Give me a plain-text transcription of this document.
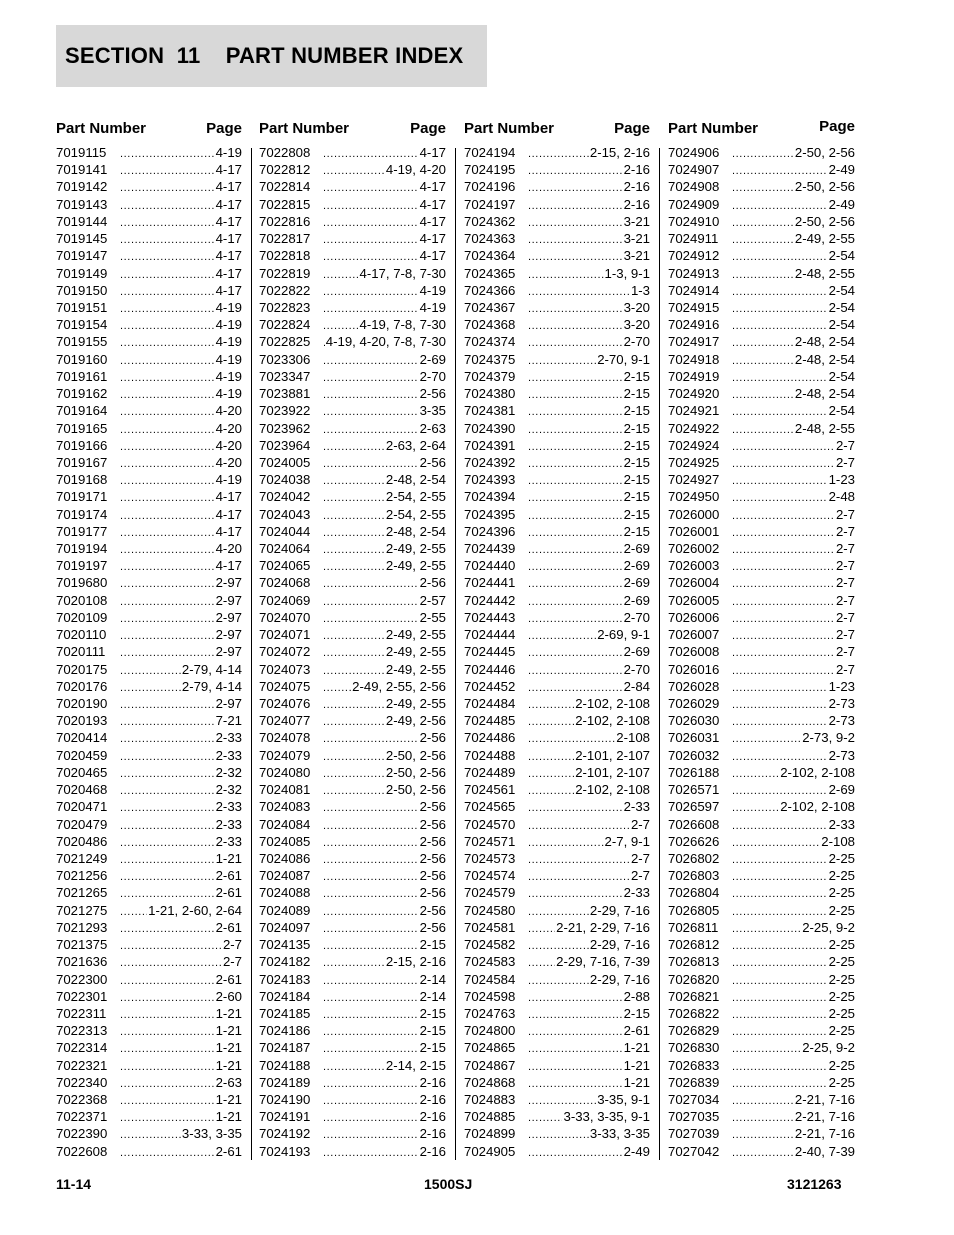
SECTION  11    PART NUMBER INDEX
Part Number	Page
7019115 .....	4-19
7019141 .....	4-17
7019142 .....	4-17
7019143 .....	4-17
7019144 .....	4-17
7019145 .....	4-17
7019147 .....	4-17
7019149 .....	4-17
7019150 .....	4-17
7019151 .....	4-19
7019154 .....	4-19
7019155 .....	4-19
7019160 .....	4-19
7019161 .....	4-19
7019162 .....	4-19
7019164 .....	4-20
7019165 .....	4-20
7019166 .....	4-20
7019167 .....	4-20
7019168 .....	4-19
7019171 .....	4-17
7019174 .....	4-17
7019177 .....	4-17
7019194 .....	4-20
7019197 .....	4-17
7019680 .....	2-97
7020108 .....	2-97
7020109 .....	2-97
7020110 .....	2-97
7020111 .....	2-97
7020175 .....	2-79, 4-14
7020176 .....	2-79, 4-14
7020190 .....	2-97
7020193 .....	7-21
7020414 .....	2-33
7020459 .....	2-33
7020465 .....	2-32
7020468 .....	2-32
7020471 .....	2-33
7020479 .....	2-33
7020486 .....	2-33
7021249 .....	1-21
7021256 .....	2-61
7021265 .....	2-61
7021275 .....	1-21, 2-60, 2-64
7021293 .....	2-61
7021375 .....	2-7
7021636 .....	2-7
7022300 .....	2-61
7022301 .....	2-60
7022311 .....	1-21
7022313 .....	1-21
7022314 .....	1-21
7022321 .....	1-21
7022340 .....	2-63
7022368 .....	1-21
7022371 .....	1-21
7022390 .....	3-33, 3-35
7022608 .....	2-61
Part Number	Page
7022808 .....	4-17
7022812 .....	4-19, 4-20
7022814 .....	4-17
7022815 .....	4-17
7022816 .....	4-17
7022817 .....	4-17
7022818 .....	4-17
7022819 .....	4-17, 7-8, 7-30
7022822 .....	4-19
7022823 .....	4-19
7022824 .....	4-19, 7-8, 7-30
7022825 .....	4-19, 4-20, 7-8, 7-30
7023306 .....	2-69
7023347 .....	2-70
7023881 .....	2-56
7023922 .....	3-35
7023962 .....	2-63
7023964 .....	2-63, 2-64
7024005 .....	2-56
7024038 .....	2-48, 2-54
7024042 .....	2-54, 2-55
7024043 .....	2-54, 2-55
7024044 .....	2-48, 2-54
7024064 .....	2-49, 2-55
7024065 .....	2-49, 2-55
7024068 .....	2-56
7024069 .....	2-57
7024070 .....	2-55
7024071 .....	2-49, 2-55
7024072 .....	2-49, 2-55
7024073 .....	2-49, 2-55
7024075 .....	2-49, 2-55, 2-56
7024076 .....	2-49, 2-55
7024077 .....	2-49, 2-56
7024078 .....	2-56
7024079 .....	2-50, 2-56
7024080 .....	2-50, 2-56
7024081 .....	2-50, 2-56
7024083 .....	2-56
7024084 .....	2-56
7024085 .....	2-56
7024086 .....	2-56
7024087 .....	2-56
7024088 .....	2-56
7024089 .....	2-56
7024097 .....	2-56
7024135 .....	2-15
7024182 .....	2-15, 2-16
7024183 .....	2-14
7024184 .....	2-14
7024185 .....	2-15
7024186 .....	2-15
7024187 .....	2-15
7024188 .....	2-14, 2-15
7024189 .....	2-16
7024190 .....	2-16
7024191 .....	2-16
7024192 .....	2-16
7024193 .....	2-16
Part Number	Page
7024194 .....	2-15, 2-16
7024195 .....	2-16
7024196 .....	2-16
7024197 .....	2-16
7024362 .....	3-21
7024363 .....	3-21
7024364 .....	3-21
7024365 .....	1-3, 9-1
7024366 .....	1-3
7024367 .....	3-20
7024368 .....	3-20
7024374 .....	2-70
7024375 .....	2-70, 9-1
7024379 .....	2-15
7024380 .....	2-15
7024381 .....	2-15
7024390 .....	2-15
7024391 .....	2-15
7024392 .....	2-15
7024393 .....	2-15
7024394 .....	2-15
7024395 .....	2-15
7024396 .....	2-15
7024439 .....	2-69
7024440 .....	2-69
7024441 .....	2-69
7024442 .....	2-69
7024443 .....	2-70
7024444 .....	2-69, 9-1
7024445 .....	2-69
7024446 .....	2-70
7024452 .....	2-84
7024484 .....	2-102, 2-108
7024485 .....	2-102, 2-108
7024486 .....	2-108
7024488 .....	2-101, 2-107
7024489 .....	2-101, 2-107
7024561 .....	2-102, 2-108
7024565 .....	2-33
7024570 .....	2-7
7024571 .....	2-7, 9-1
7024573 .....	2-7
7024574 .....	2-7
7024579 .....	2-33
7024580 .....	2-29, 7-16
7024581 .....	2-21, 2-29, 7-16
7024582 .....	2-29, 7-16
7024583 .....	2-29, 7-16, 7-39
7024584 .....	2-29, 7-16
7024598 .....	2-88
7024763 .....	2-15
7024800 .....	2-61
7024865 .....	1-21
7024867 .....	1-21
7024868 .....	1-21
7024883 .....	3-35, 9-1
7024885 .....	3-33, 3-35, 9-1
7024899 .....	3-33, 3-35
7024905 .....	2-49
Part Number	Page
7024906 .....	2-50, 2-56
7024907 .....	2-49
7024908 .....	2-50, 2-56
7024909 .....	2-49
7024910 .....	2-50, 2-56
7024911 .....	2-49, 2-55
7024912 .....	2-54
7024913 .....	2-48, 2-55
7024914 .....	2-54
7024915 .....	2-54
7024916 .....	2-54
7024917 .....	2-48, 2-54
7024918 .....	2-48, 2-54
7024919 .....	2-54
7024920 .....	2-48, 2-54
7024921 .....	2-54
7024922 .....	2-48, 2-55
7024924 .....	2-7
7024925 .....	2-7
7024927 .....	1-23
7024950 .....	2-48
7026000 .....	2-7
7026001 .....	2-7
7026002 .....	2-7
7026003 .....	2-7
7026004 .....	2-7
7026005 .....	2-7
7026006 .....	2-7
7026007 .....	2-7
7026008 .....	2-7
7026016 .....	2-7
7026028 .....	1-23
7026029 .....	2-73
7026030 .....	2-73
7026031 .....	2-73, 9-2
7026032 .....	2-73
7026188 .....	2-102, 2-108
7026571 .....	2-69
7026597 .....	2-102, 2-108
7026608 .....	2-33
7026626 .....	2-108
7026802 .....	2-25
7026803 .....	2-25
7026804 .....	2-25
7026805 .....	2-25
7026811 .....	2-25, 9-2
7026812 .....	2-25
7026813 .....	2-25
7026820 .....	2-25
7026821 .....	2-25
7026822 .....	2-25
7026829 .....	2-25
7026830 .....	2-25, 9-2
7026833 .....	2-25
7026839 .....	2-25
7027034 .....	2-21, 7-16
7027035 .....	2-21, 7-16
7027039 .....	2-21, 7-16
7027042 .....	2-40, 7-39
11-14	1500SJ	3121263
